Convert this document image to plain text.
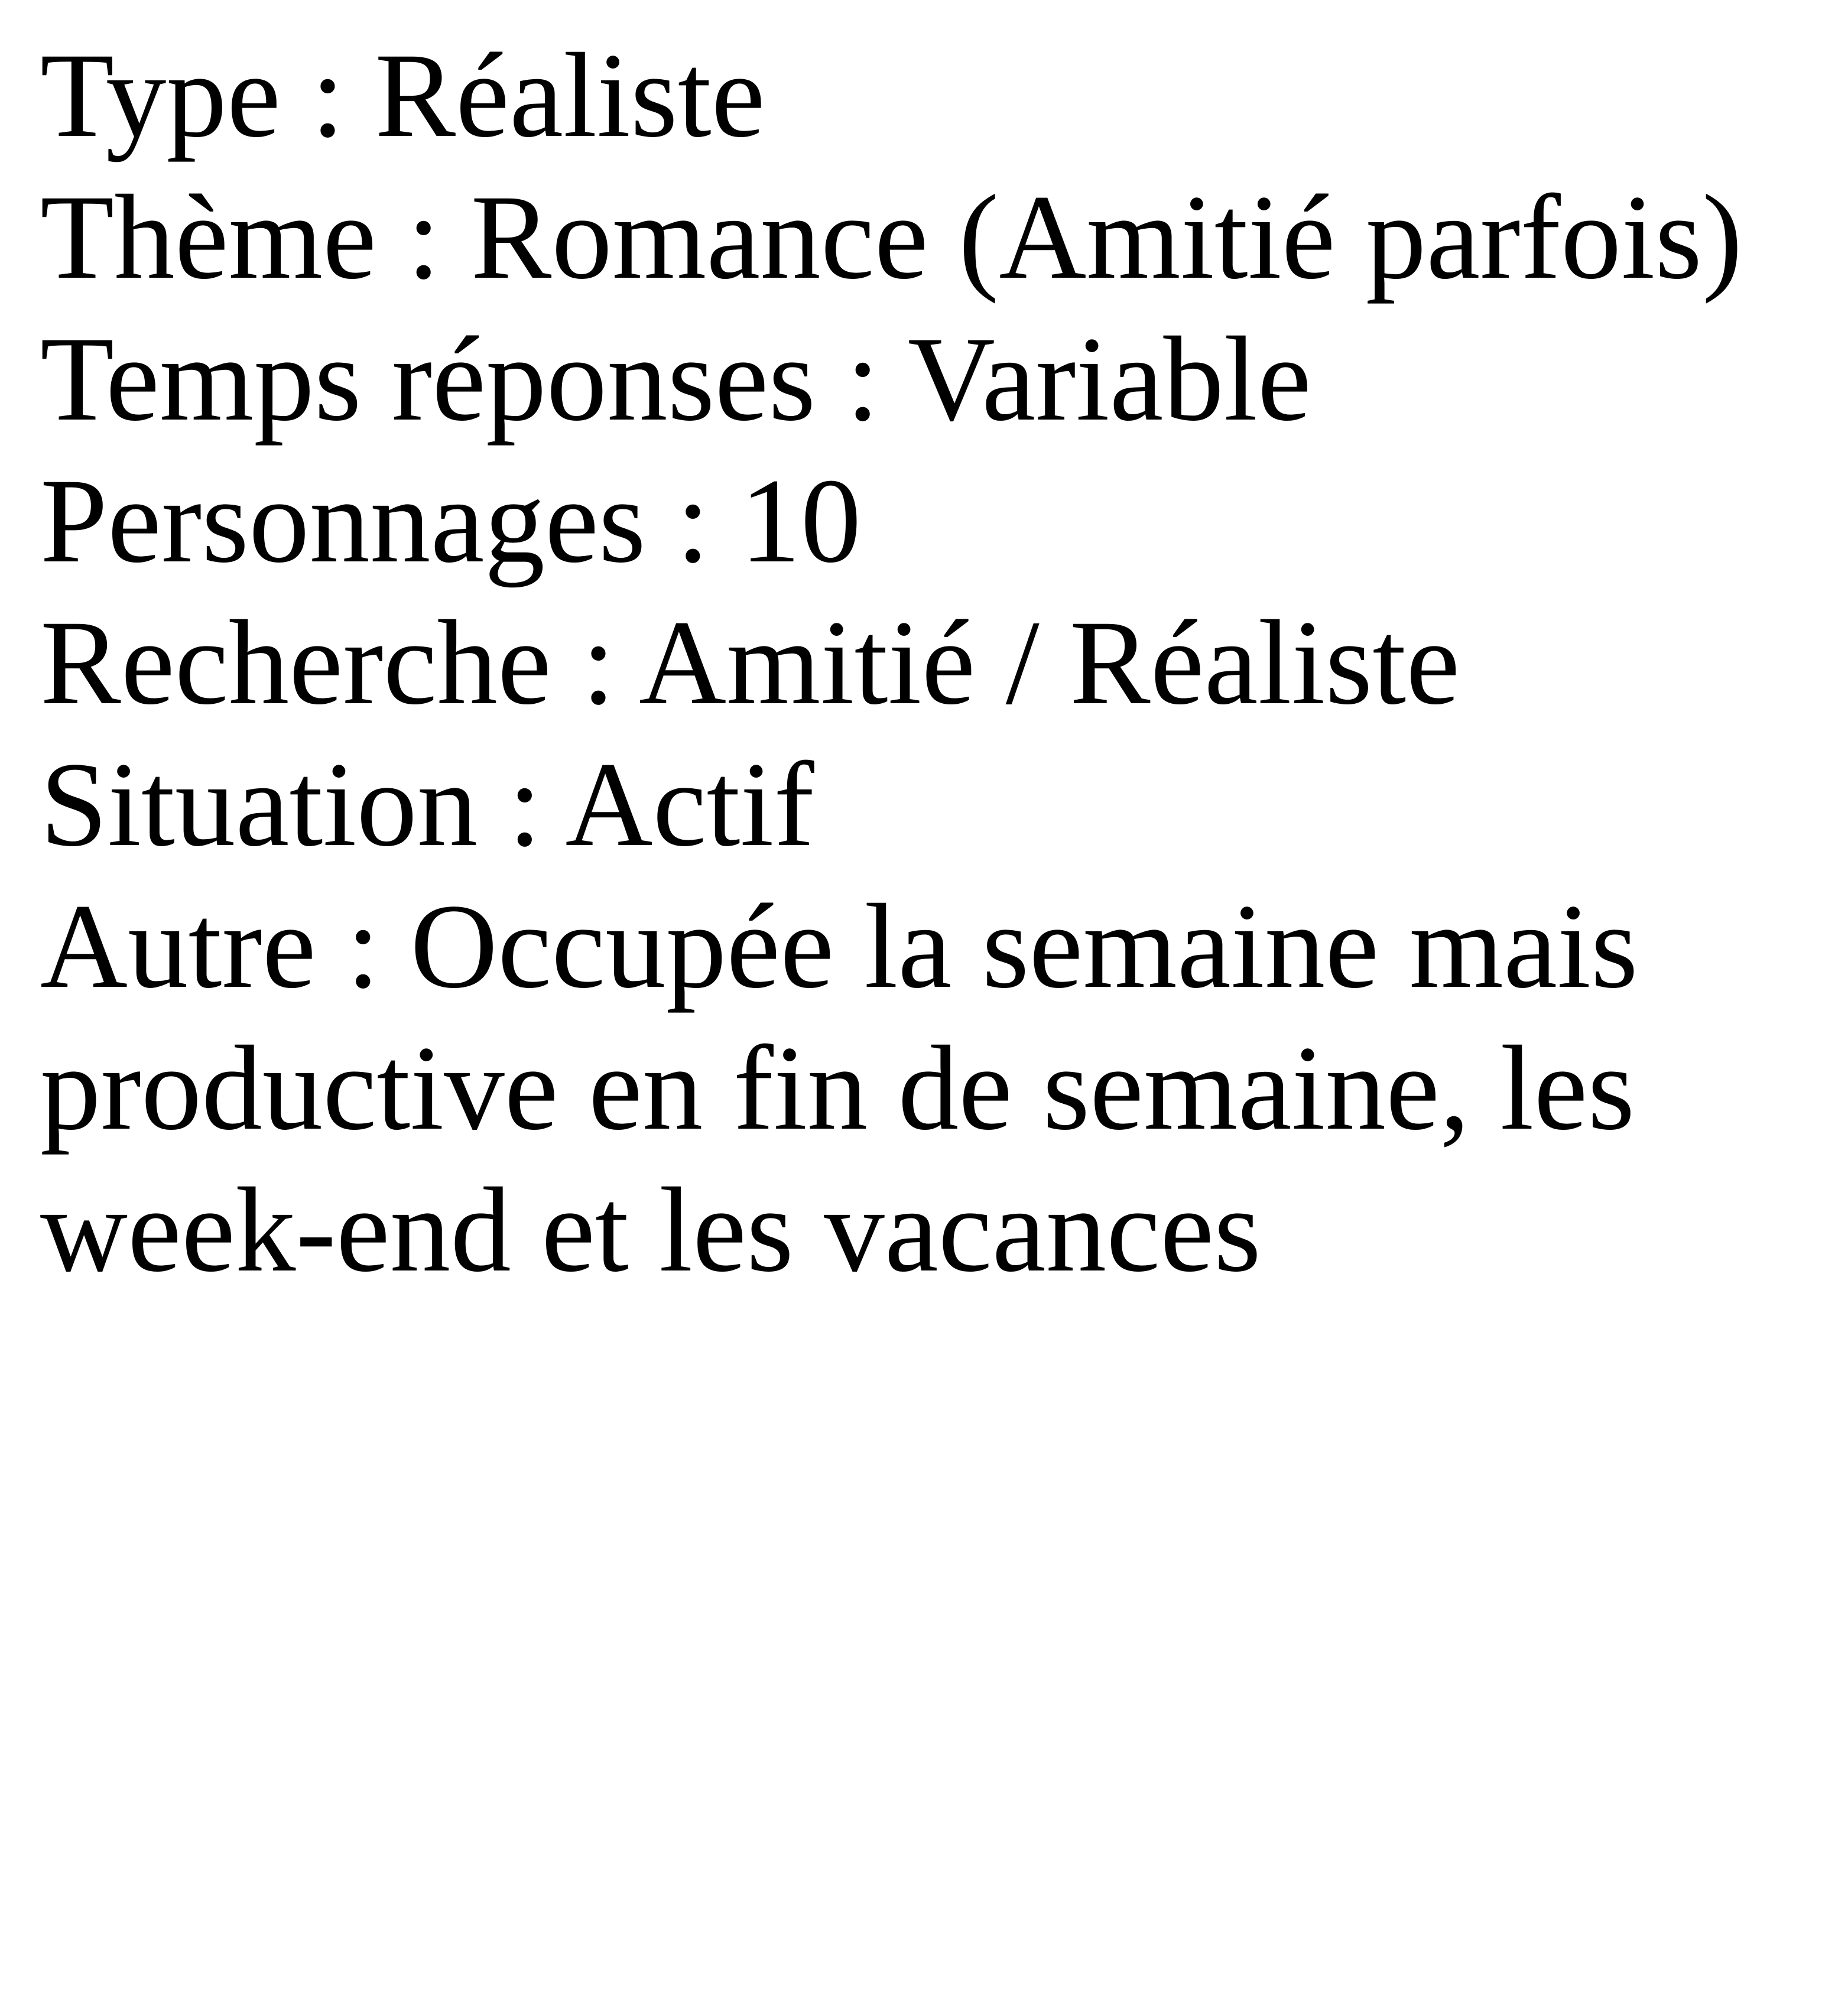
Type : Réaliste
Thème : Romance (Amitié parfois)
Temps réponses : Variable
Personnages : 10
Recherche : Amitié / Réaliste
Situation : Actif
Autre : Occupée la semaine mais
productive en fin de semaine, les
week-end et les vacances
